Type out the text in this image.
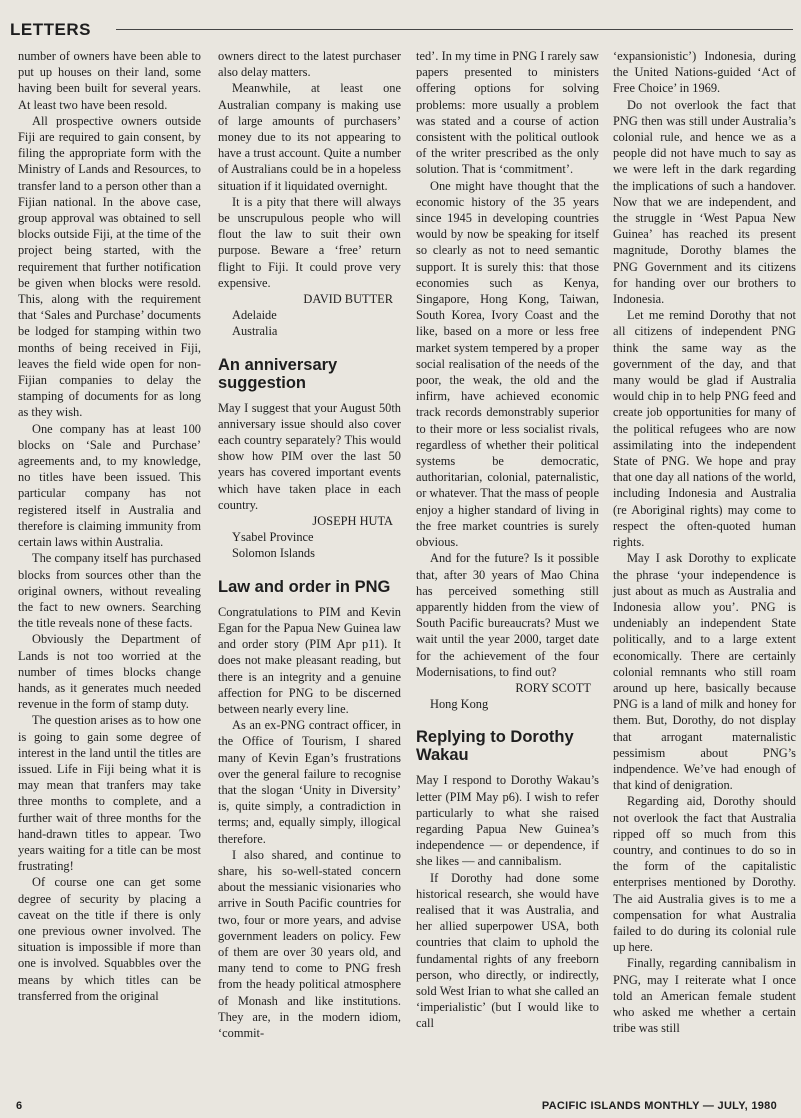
LETTERS

number of owners have been able to put up houses on their land, some having been built for several years. At least two have been resold.

All prospective owners outside Fiji are required to gain consent, by filing the appropriate form with the Ministry of Lands and Resources, to transfer land to a person other than a Fijian national. In the above case, group approval was obtained to sell blocks outside Fiji, at the time of the project being started, with the requirement that further notification be given when blocks were resold. This, along with the requirement that ‘Sales and Purchase’ documents be lodged for stamping within two months of being received in Fiji, leaves the field wide open for non-Fijian companies to delay the stamping of documents for as long as they wish.

One company has at least 100 blocks on ‘Sale and Purchase’ agreements and, to my knowledge, no titles have been issued. This particular company has not registered itself in Australia and therefore is claiming immunity from certain laws within Australia.

The company itself has purchased blocks from sources other than the original owners, without revealing the fact to new owners. Searching the title reveals none of these facts.

Obviously the Department of Lands is not too worried at the number of times blocks change hands, as it generates much needed revenue in the form of stamp duty.

The question arises as to how one is going to gain some degree of interest in the land until the titles are issued. Life in Fiji being what it is may mean that tranfers may take three months to complete, and a further wait of three months for the hand-drawn titles to appear. Two years waiting for a title can be most frustrating!

Of course one can get some degree of security by placing a caveat on the title if there is only one previous owner involved. The situation is impossible if more than one is involved. Squabbles over the means by which titles can be transferred from the original

owners direct to the latest purchaser also delay matters.

Meanwhile, at least one Australian company is making use of large amounts of purchasers’ money due to its not appearing to have a trust account. Quite a number of Australians could be in a hopeless situation if it liquidated overnight.

It is a pity that there will always be unscrupulous people who will flout the law to suit their own purpose. Beware a ‘free’ return flight to Fiji. It could prove very expensive.

DAVID BUTTER

Adelaide

Australia

An anniversary suggestion

May I suggest that your August 50th anniversary issue should also cover each country separately? This would show how PIM over the last 50 years has covered important events which have taken place in each country.

JOSEPH HUTA

Ysabel Province

Solomon Islands

Law and order in PNG

Congratulations to PIM and Kevin Egan for the Papua New Guinea law and order story (PIM Apr p11). It does not make pleasant reading, but there is an integrity and a genuine affection for PNG to be discerned between nearly every line.

As an ex-PNG contract officer, in the Office of Tourism, I shared many of Kevin Egan’s frustrations over the general failure to recognise that the slogan ‘Unity in Diversity’ is, quite simply, a contradiction in terms; and, equally simply, illogical therefore.

I also shared, and continue to share, his so-well-stated concern about the messianic visionaries who arrive in South Pacific countries for two, four or more years, and advise government leaders on policy. Few of them are over 30 years old, and many tend to come to PNG fresh from the heady political atmosphere of Monash and like institutions. They are, in the modern idiom, ‘commit-

ted’. In my time in PNG I rarely saw papers presented to ministers offering options for solving problems: more usually a problem was stated and a course of action consistent with the political outlook of the writer prescribed as the only solution. That is ‘commitment’.

One might have thought that the economic history of the 35 years since 1945 in developing countries would by now be speaking for itself so clearly as not to need semantic support. It is surely this: that those economies such as Kenya, Singapore, Hong Kong, Taiwan, South Korea, Ivory Coast and the like, based on a more or less free market system tempered by a proper social realisation of the needs of the poor, the weak, the old and the infirm, have achieved economic track records demonstrably superior to their more or less socialist rivals, regardless of whether their political systems be democratic, authoritarian, colonial, paternalistic, or whatever. That the mass of people enjoy a higher standard of living in the free market countries is surely obvious.

And for the future? Is it possible that, after 30 years of Mao China has perceived something still apparently hidden from the view of South Pacific bureaucrats? Must we wait until the year 2000, target date for the achievement of the four Modernisations, to find out?

RORY SCOTT

Hong Kong

Replying to Dorothy Wakau

May I respond to Dorothy Wakau’s letter (PIM May p6). I wish to refer particularly to what she raised regarding Papua New Guinea’s independence — or dependence, if she likes — and cannibalism.

If Dorothy had done some historical research, she would have realised that it was Australia, and her allied superpower USA, both countries that claim to uphold the fundamental rights of any freeborn person, who directly, or indirectly, sold West Irian to what she called an ‘imperialistic’ (but I would like to call

‘expansionistic’) Indonesia, during the United Nations-guided ‘Act of Free Choice’ in 1969.

Do not overlook the fact that PNG then was still under Australia’s colonial rule, and hence we as a people did not have much to say as we were left in the dark regarding the implications of such a handover. Now that we are independent, and the struggle in ‘West Papua New Guinea’ has reached its present magnitude, Dorothy blames the PNG Government and its citizens for handing over our brothers to Indonesia.

Let me remind Dorothy that not all citizens of independent PNG think the same way as the government of the day, and that many would be glad if Australia would chip in to help PNG feed and create job opportunities for many of the political refugees who are now assimilating into the independent State of PNG. We hope and pray that one day all nations of the world, including Indonesia and Australia (re Aboriginal rights) may come to respect the often-quoted human rights.

May I ask Dorothy to explicate the phrase ‘your independence is just about as much as Australia and Indonesia allow you’. PNG is undeniably an independent State politically, and to a large extent economically. There are certainly colonial remnants who still roam around up here, basically because PNG is a land of milk and honey for them. But, Dorothy, do not display that arrogant maternalistic pessimism about PNG’s indpendence. We’ve had enough of that kind of denigration.

Regarding aid, Dorothy should not overlook the fact that Australia ripped off so much from this country, and continues to do so in the form of the capitalistic enterprises mentioned by Dorothy. The aid Australia gives is to me a compensation for what Australia failed to do during its colonial rule up here.

Finally, regarding cannibalism in PNG, may I reiterate what I once told an American female student who asked me whether a certain tribe was still

6	PACIFIC ISLANDS MONTHLY — JULY, 1980
